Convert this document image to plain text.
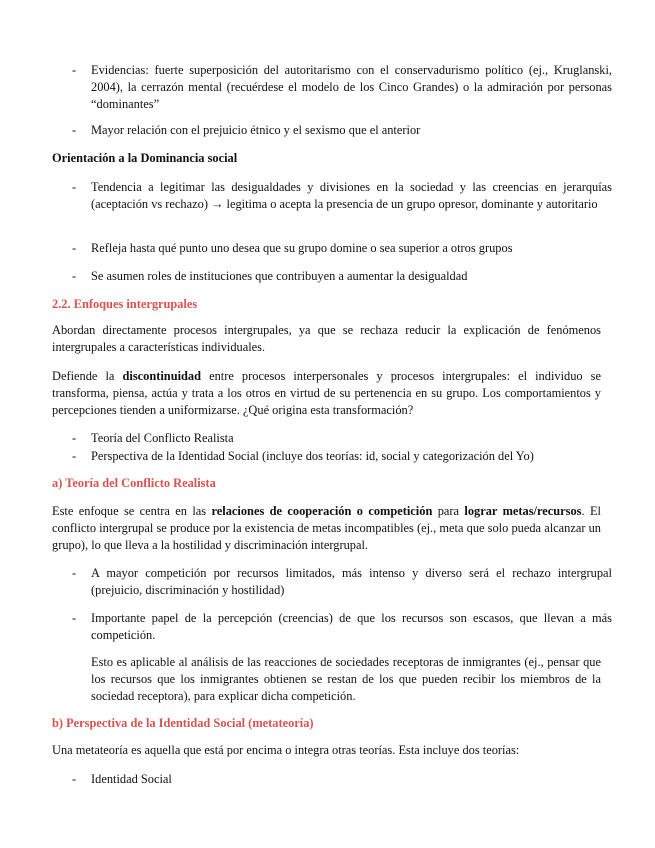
- Evidencias: fuerte superposición del autoritarismo con el conservadurismo político (ej., Kruglanski, 2004), la cerrazón mental (recuérdese el modelo de los Cinco Grandes) o la admiración por personas “dominantes”
- Mayor relación con el prejuicio étnico y el sexismo que el anterior
Orientación a la Dominancia social
- Tendencia a legitimar las desigualdades y divisiones en la sociedad y las creencias en jerarquías (aceptación vs rechazo) → legitima o acepta la presencia de un grupo opresor, dominante y autoritario
- Refleja hasta qué punto uno desea que su grupo domine o sea superior a otros grupos
- Se asumen roles de instituciones que contribuyen a aumentar la desigualdad
2.2. Enfoques intergrupales
Abordan directamente procesos intergrupales, ya que se rechaza reducir la explicación de fenómenos intergrupales a características individuales.
Defiende la discontinuidad entre procesos interpersonales y procesos intergrupales: el individuo se transforma, piensa, actúa y trata a los otros en virtud de su pertenencia en su grupo. Los comportamientos y percepciones tienden a uniformizarse. ¿Qué origina esta transformación?
- Teoría del Conflicto Realista
- Perspectiva de la Identidad Social (incluye dos teorías: id, social y categorización del Yo)
a) Teoría del Conflicto Realista
Este enfoque se centra en las relaciones de cooperación o competición para lograr metas/recursos. El conflicto intergrupal se produce por la existencia de metas incompatibles (ej., meta que solo pueda alcanzar un grupo), lo que lleva a la hostilidad y discriminación intergrupal.
- A mayor competición por recursos limitados, más intenso y diverso será el rechazo intergrupal (prejuicio, discriminación y hostilidad)
- Importante papel de la percepción (creencias) de que los recursos son escasos, que llevan a más competición.
Esto es aplicable al análisis de las reacciones de sociedades receptoras de inmigrantes (ej., pensar que los recursos que los inmigrantes obtienen se restan de los que pueden recibir los miembros de la sociedad receptora), para explicar dicha competición.
b) Perspectiva de la Identidad Social (metateoría)
Una metateoría es aquella que está por encima o integra otras teorías. Esta incluye dos teorías:
- Identidad Social
